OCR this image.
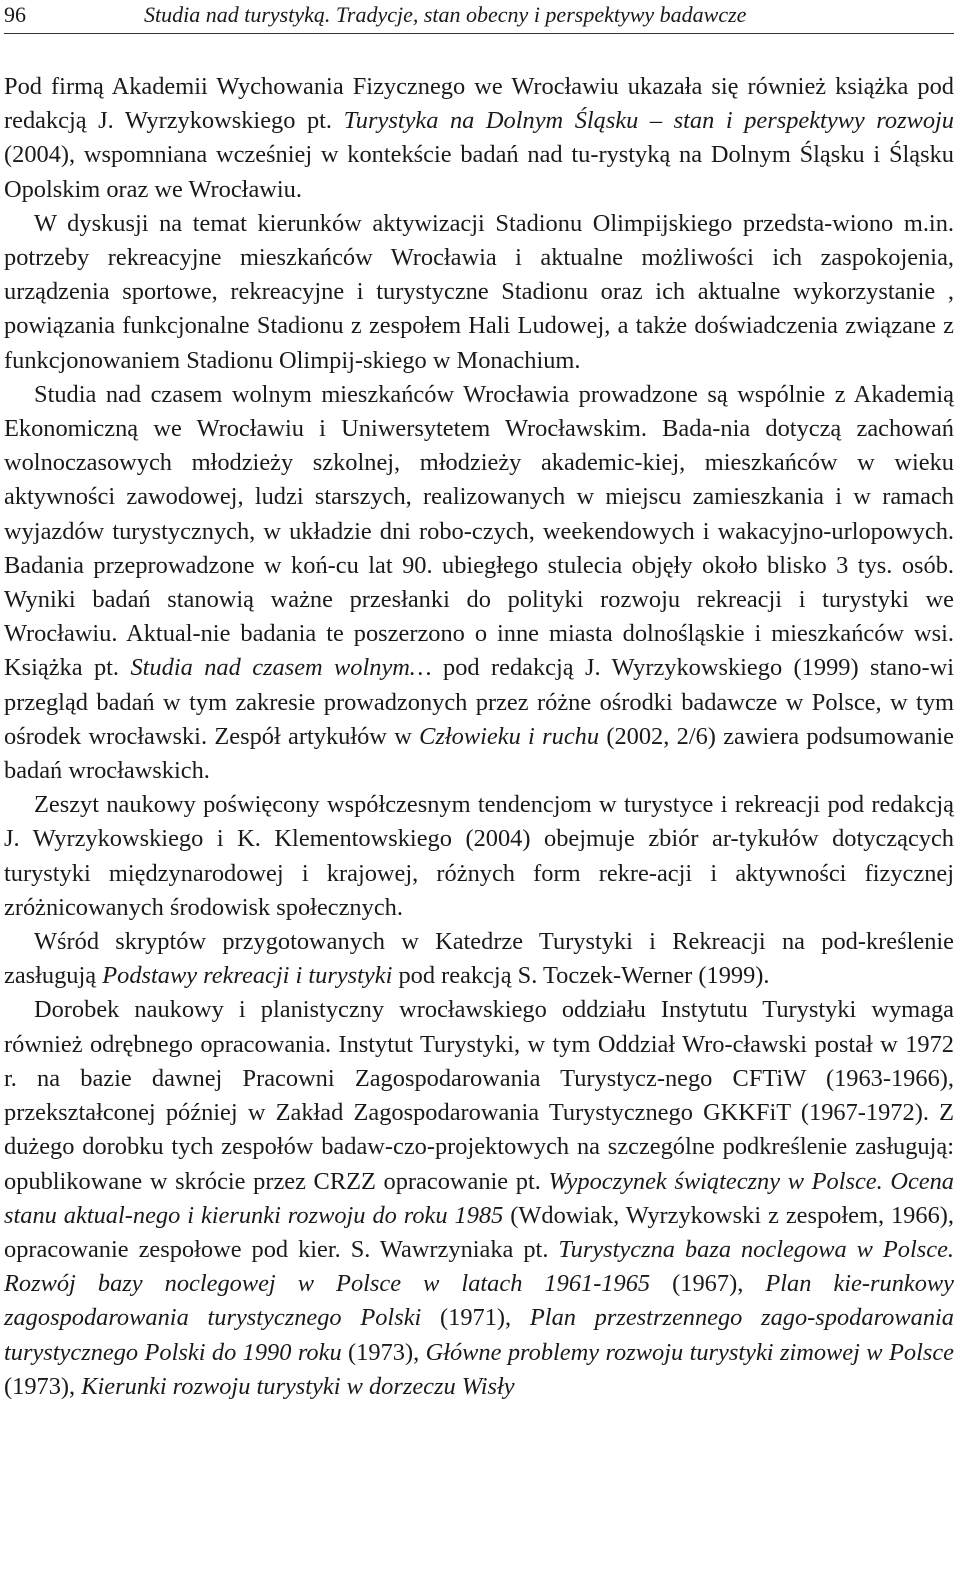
96	Studia nad turystyką. Tradycje, stan obecny i perspektywy badawcze

Pod firmą Akademii Wychowania Fizycznego we Wrocławiu ukazała się również książka pod redakcją J. Wyrzykowskiego pt. Turystyka na Dolnym Śląsku – stan i perspektywy rozwoju (2004), wspomniana wcześniej w kontekście badań nad tu-rystyką na Dolnym Śląsku i Śląsku Opolskim oraz we Wrocławiu.

W dyskusji na temat kierunków aktywizacji Stadionu Olimpijskiego przedsta-wiono m.in. potrzeby rekreacyjne mieszkańców Wrocławia i aktualne możliwości ich zaspokojenia, urządzenia sportowe, rekreacyjne i turystyczne Stadionu oraz ich aktualne wykorzystanie , powiązania funkcjonalne Stadionu z zespołem Hali Ludowej, a także doświadczenia związane z funkcjonowaniem Stadionu Olimpij-skiego w Monachium.

Studia nad czasem wolnym mieszkańców Wrocławia prowadzone są wspólnie z Akademią Ekonomiczną we Wrocławiu i Uniwersytetem Wrocławskim. Bada-nia dotyczą zachowań wolnoczasowych młodzieży szkolnej, młodzieży akademic-kiej, mieszkańców w wieku aktywności zawodowej, ludzi starszych, realizowanych w miejscu zamieszkania i w ramach wyjazdów turystycznych, w układzie dni robo-czych, weekendowych i wakacyjno-urlopowych. Badania przeprowadzone w koń-cu lat 90. ubiegłego stulecia objęły około blisko 3 tys. osób. Wyniki badań stanowią ważne przesłanki do polityki rozwoju rekreacji i turystyki we Wrocławiu. Aktual-nie badania te poszerzono o inne miasta dolnośląskie i mieszkańców wsi. Książka pt. Studia nad czasem wolnym… pod redakcją J. Wyrzykowskiego (1999) stano-wi przegląd badań w tym zakresie prowadzonych przez różne ośrodki badawcze w Polsce, w tym ośrodek wrocławski. Zespół artykułów w Człowieku i ruchu (2002, 2/6) zawiera podsumowanie badań wrocławskich.

Zeszyt naukowy poświęcony współczesnym tendencjom w turystyce i rekreacji pod redakcją J. Wyrzykowskiego i K. Klementowskiego (2004) obejmuje zbiór ar-tykułów dotyczących turystyki międzynarodowej i krajowej, różnych form rekre-acji i aktywności fizycznej zróżnicowanych środowisk społecznych.

Wśród skryptów przygotowanych w Katedrze Turystyki i Rekreacji na pod-kreślenie zasługują Podstawy rekreacji i turystyki pod reakcją S. Toczek-Werner (1999).

Dorobek naukowy i planistyczny wrocławskiego oddziału Instytutu Turystyki wymaga również odrębnego opracowania. Instytut Turystyki, w tym Oddział Wro-cławski postał w 1972 r. na bazie dawnej Pracowni Zagospodarowania Turystycz-nego CFTiW (1963-1966), przekształconej później w Zakład Zagospodarowania Turystycznego GKKFiT (1967-1972). Z dużego dorobku tych zespołów badaw-czo-projektowych na szczególne podkreślenie zasługują: opublikowane w skrócie przez CRZZ opracowanie pt. Wypoczynek świąteczny w Polsce. Ocena stanu aktual-nego i kierunki rozwoju do roku 1985 (Wdowiak, Wyrzykowski z zespołem, 1966), opracowanie zespołowe pod kier. S. Wawrzyniaka pt. Turystyczna baza noclegowa w Polsce. Rozwój bazy noclegowej w Polsce w latach 1961-1965 (1967), Plan kie-runkowy zagospodarowania turystycznego Polski (1971), Plan przestrzennego zago-spodarowania turystycznego Polski do 1990 roku (1973), Główne problemy rozwoju turystyki zimowej w Polsce (1973), Kierunki rozwoju turystyki w dorzeczu Wisły
